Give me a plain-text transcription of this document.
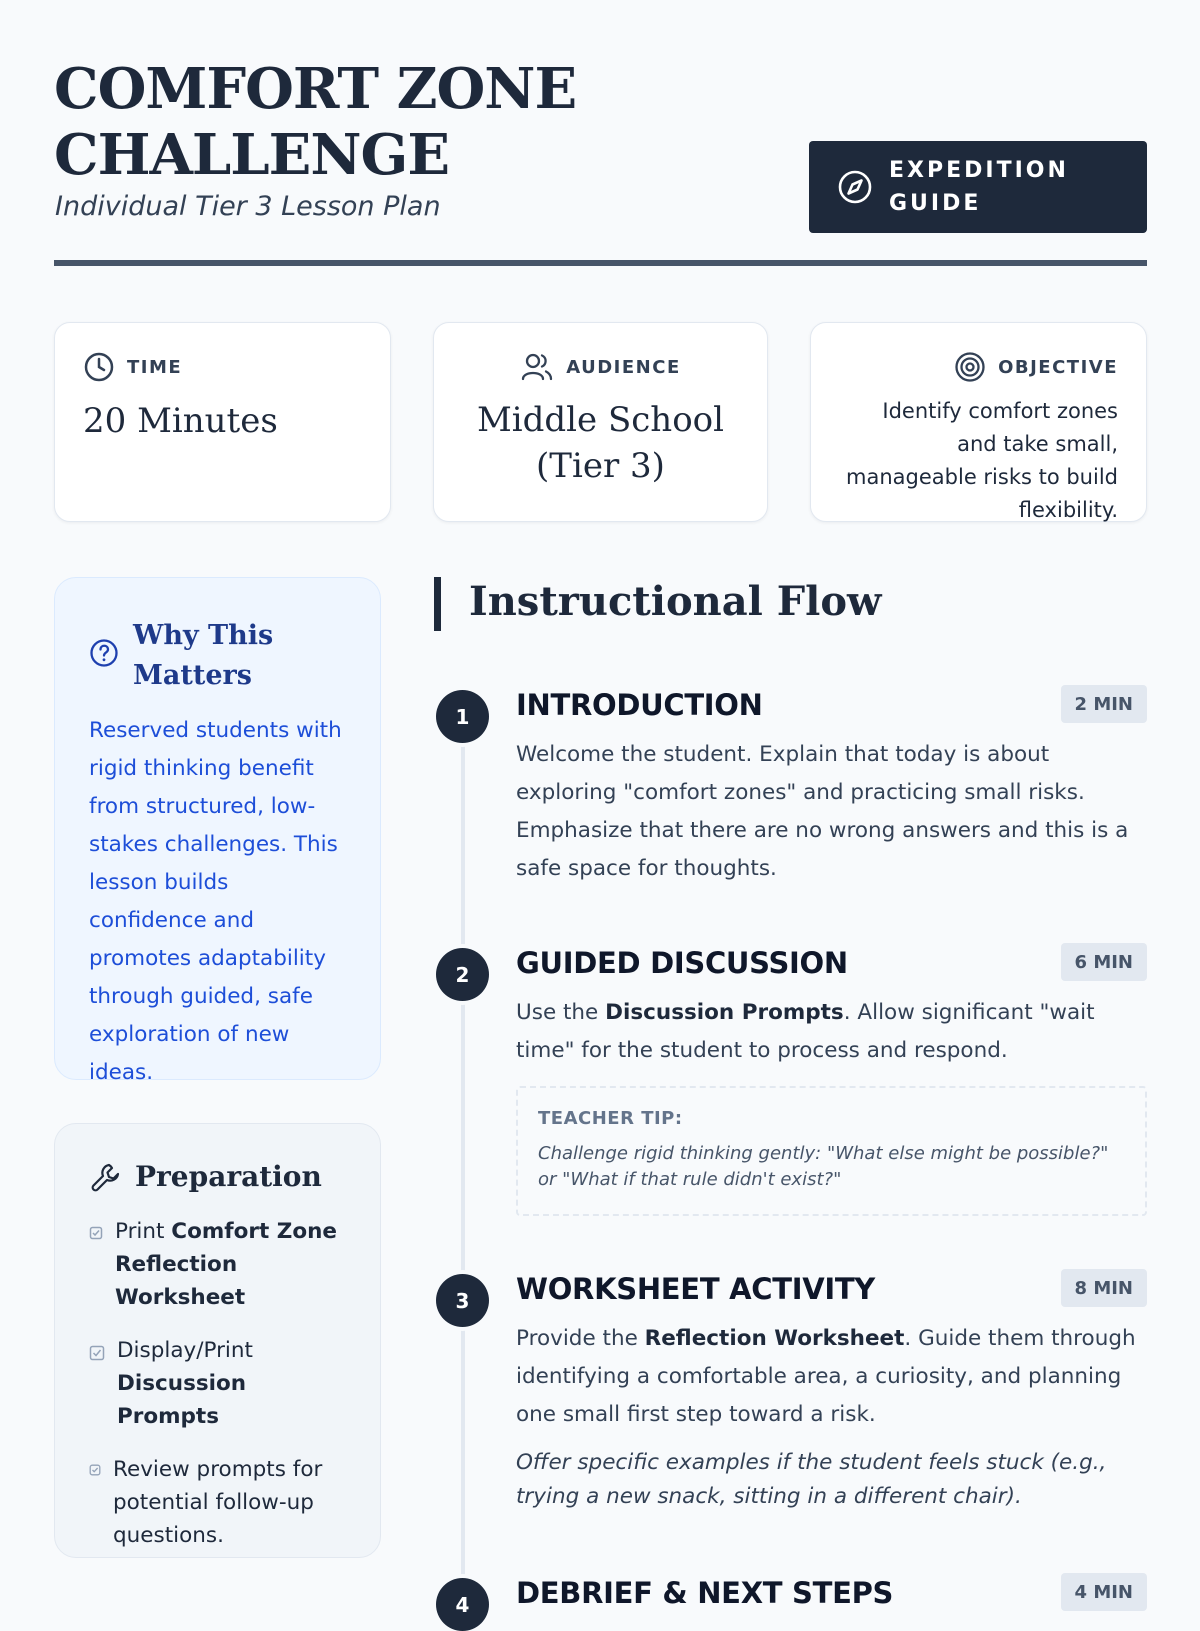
COMFORT ZONE
CHALLENGE
Individual Tier 3 Lesson Plan
EXPEDITION
GUIDE
TIME
20 Minutes
AUDIENCE
Middle School
(Tier 3)
OBJECTIVE
Identify comfort zones and take small, manageable risks to build flexibility.
Why This
Matters
Reserved students with rigid thinking benefit from structured, low-stakes challenges. This lesson builds confidence and promotes adaptability through guided, safe exploration of new ideas.
Preparation
Print Comfort Zone Reflection Worksheet
Display/Print Discussion Prompts
Review prompts for potential follow-up questions.
Instructional Flow
1	INTRODUCTION	2 MIN
Welcome the student. Explain that today is about exploring "comfort zones" and practicing small risks. Emphasize that there are no wrong answers and this is a safe space for thoughts.
2	GUIDED DISCUSSION	6 MIN
Use the Discussion Prompts. Allow significant "wait time" for the student to process and respond.
TEACHER TIP:
Challenge rigid thinking gently: "What else might be possible?" or "What if that rule didn't exist?"
3	WORKSHEET ACTIVITY	8 MIN
Provide the Reflection Worksheet. Guide them through identifying a comfortable area, a curiosity, and planning one small first step toward a risk.
Offer specific examples if the student feels stuck (e.g., trying a new snack, sitting in a different chair).
4	DEBRIEF & NEXT STEPS	4 MIN
